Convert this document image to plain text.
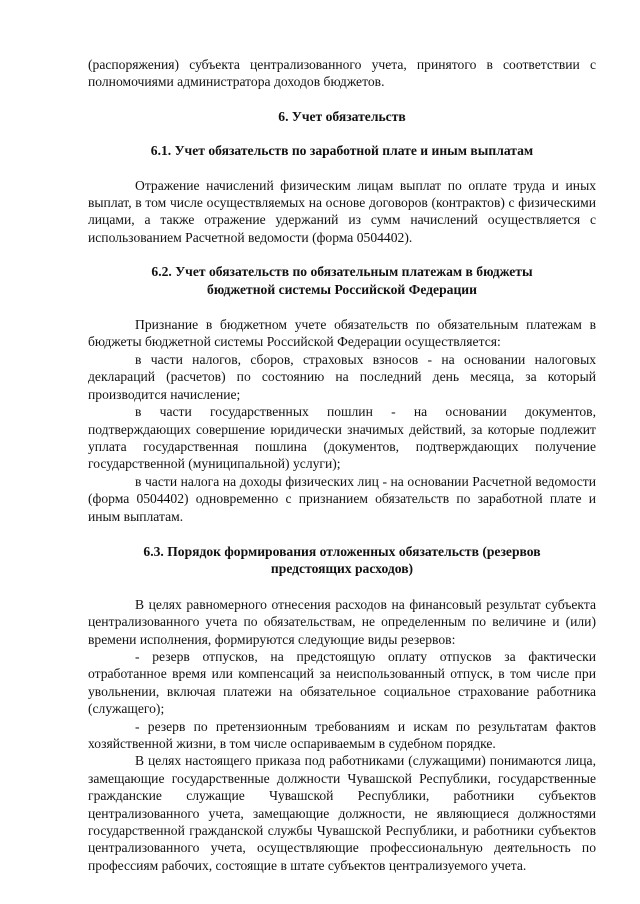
(распоряжения) субъекта централизованного учета, принятого в соответствии с полномочиями администратора доходов бюджетов.

6. Учет обязательств
6.1. Учет обязательств по заработной плате и иным выплатам

Отражение начислений физическим лицам выплат по оплате труда и иных выплат, в том числе осуществляемых на основе договоров (контрактов) с физическими лицами, а также отражение удержаний из сумм начислений осуществляется с использованием Расчетной ведомости (форма 0504402).

6.2. Учет обязательств по обязательным платежам в бюджеты
бюджетной системы Российской Федерации

Признание в бюджетном учете обязательств по обязательным платежам в бюджеты бюджетной системы Российской Федерации осуществляется:

в части налогов, сборов, страховых взносов - на основании налоговых деклараций (расчетов) по состоянию на последний день месяца, за который производится начисление;

в части государственных пошлин - на основании документов, подтверждающих совершение юридически значимых действий, за которые подлежит уплата государственная пошлина (документов, подтверждающих получение государственной (муниципальной) услуги);

в части налога на доходы физических лиц - на основании Расчетной ведомости (форма 0504402) одновременно с признанием обязательств по заработной плате и иным выплатам.

6.3. Порядок формирования отложенных обязательств (резервов
предстоящих расходов)

В целях равномерного отнесения расходов на финансовый результат субъекта централизованного учета по обязательствам, не определенным по величине и (или) времени исполнения, формируются следующие виды резервов:

- резерв отпусков, на предстоящую оплату отпусков за фактически отработанное время или компенсаций за неиспользованный отпуск, в том числе при увольнении, включая платежи на обязательное социальное страхование работника (служащего);

- резерв по претензионным требованиям и искам по результатам фактов хозяйственной жизни, в том числе оспариваемым в судебном порядке.

В целях настоящего приказа под работниками (служащими) понимаются лица, замещающие государственные должности Чувашской Республики, государственные гражданские служащие Чувашской Республики, работники субъектов централизованного учета, замещающие должности, не являющиеся должностями государственной гражданской службы Чувашской Республики, и работники субъектов централизованного учета, осуществляющие профессиональную деятельность по профессиям рабочих, состоящие в штате субъектов централизуемого учета.
